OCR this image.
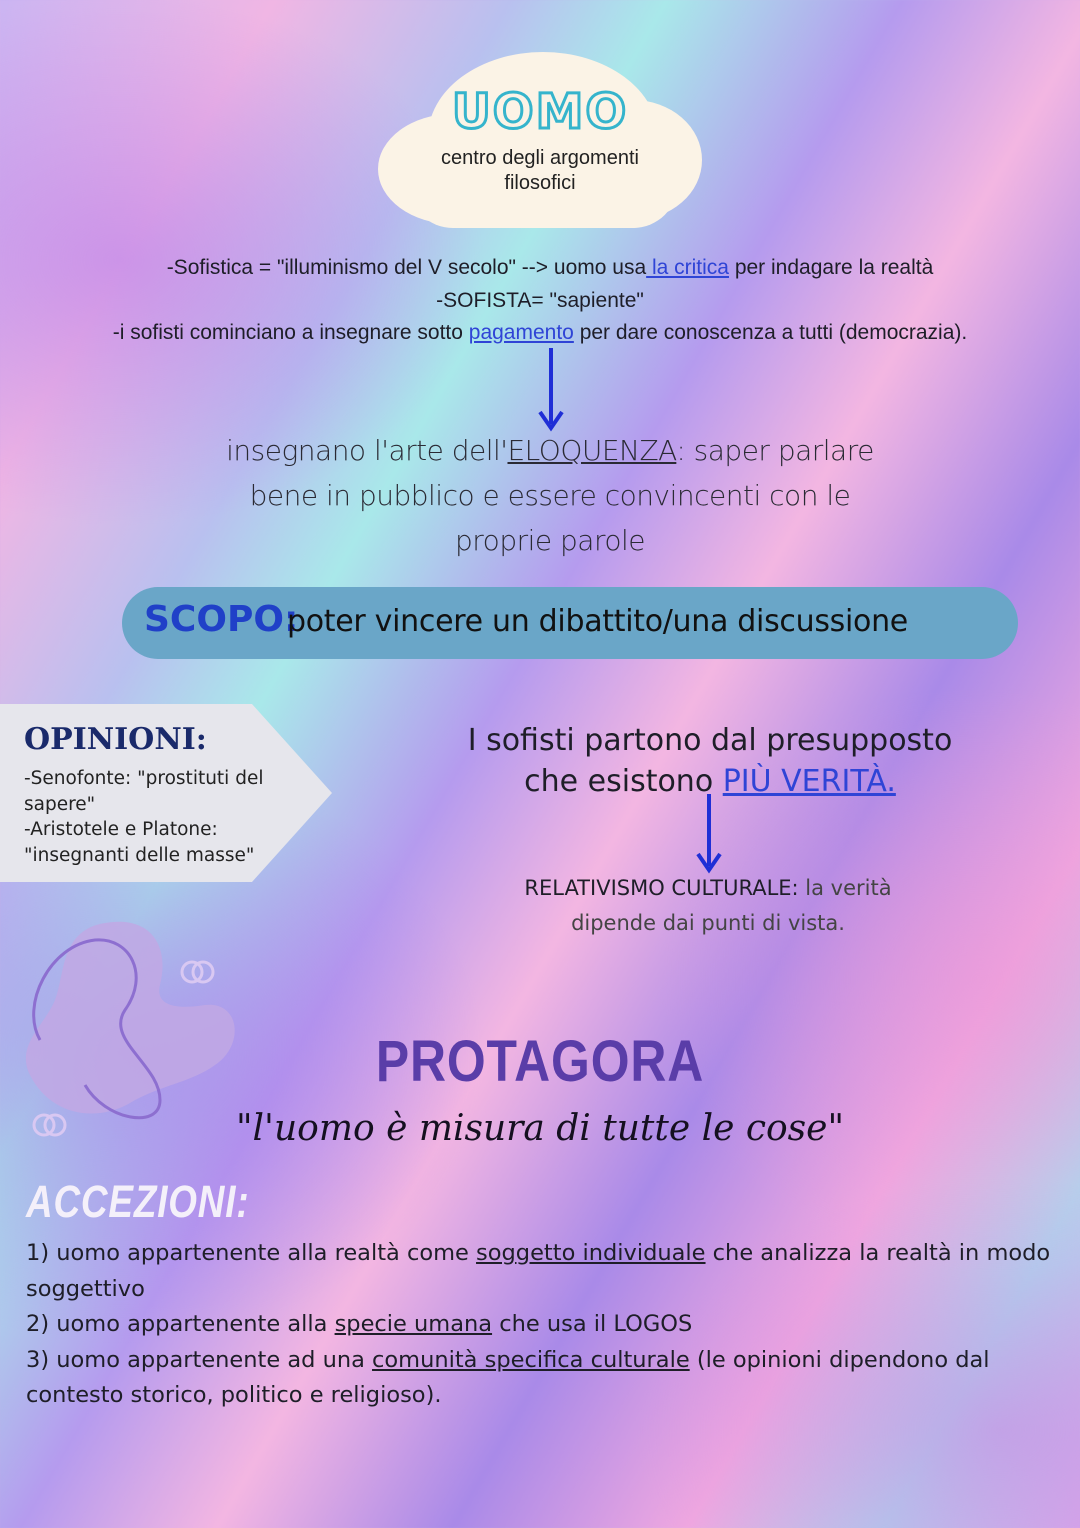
UOMO
centro degli argomenti
filosofici
-Sofistica = "illuminismo del V secolo" --> uomo usa la critica per indagare la realtà
-SOFISTA= "sapiente"
-i sofisti cominciano a insegnare sotto pagamento per dare conoscenza a tutti (democrazia).
insegnano l'arte dell'ELOQUENZA: saper parlare
bene in pubblico e essere convincenti con le
proprie parole
SCOPO:
poter vincere un dibattito/una discussione
OPINIONI:
-Senofonte: "prostituti del
sapere"
-Aristotele e Platone:
"insegnanti delle masse"
I sofisti partono dal presupposto
che esistono PIÙ VERITÀ.
RELATIVISMO CULTURALE: la verità
dipende dai punti di vista.
PROTAGORA
"l'uomo è misura di tutte le cose"
ACCEZIONI:

1) uomo appartenente alla realtà come soggetto individuale che analizza la realtà in modo soggettivo

2) uomo appartenente alla specie umana che usa il LOGOS

3) uomo appartenente ad una comunità specifica culturale (le opinioni dipendono dal contesto storico, politico e religioso).
